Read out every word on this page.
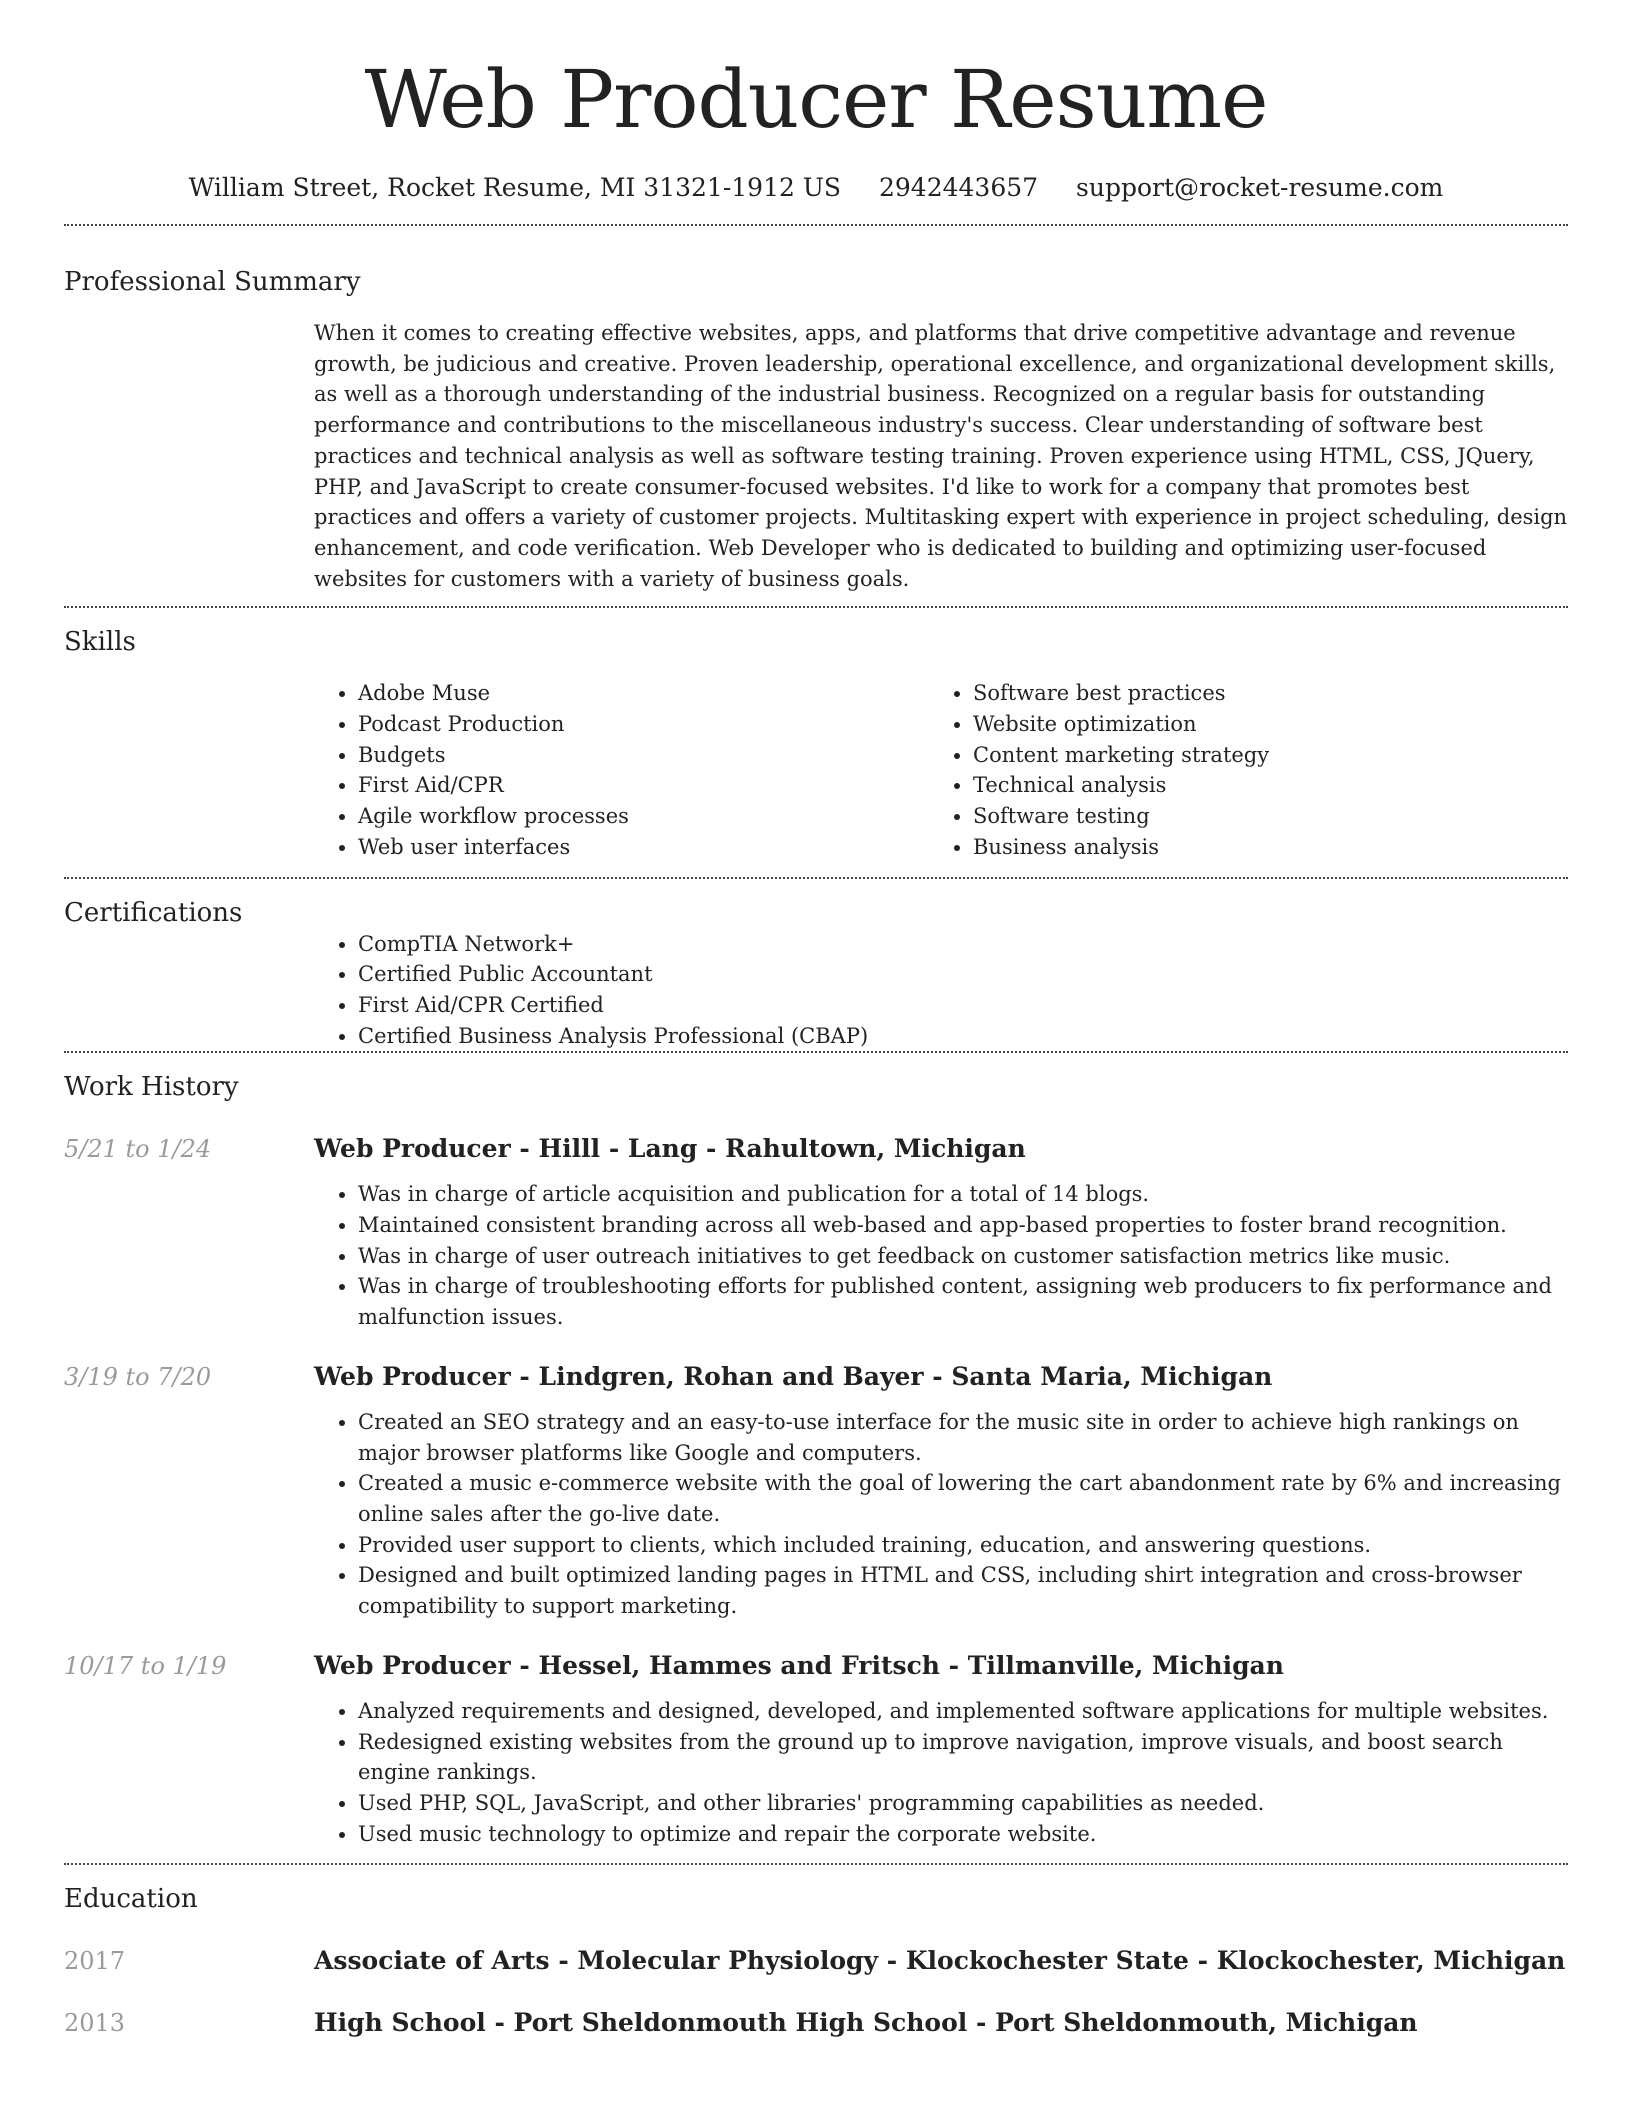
Web Producer Resume
William Street, Rocket Resume, MI 31321-1912 US 2942443657 support@rocket-resume.com
Professional Summary

When it comes to creating effective websites, apps, and platforms that drive competitive advantage and revenue growth, be judicious and creative. Proven leadership, operational excellence, and organizational development skills, as well as a thorough understanding of the industrial business. Recognized on a regular basis for outstanding performance and contributions to the miscellaneous industry's success. Clear understanding of software best practices and technical analysis as well as software testing training. Proven experience using HTML, CSS, JQuery, PHP, and JavaScript to create consumer-focused websites. I'd like to work for a company that promotes best practices and offers a variety of customer projects. Multitasking expert with experience in project scheduling, design enhancement, and code verification. Web Developer who is dedicated to building and optimizing user-focused websites for customers with a variety of business goals.

Skills
• Adobe Muse
• Podcast Production
• Budgets
• First Aid/CPR
• Agile workflow processes
• Web user interfaces
• Software best practices
• Website optimization
• Content marketing strategy
• Technical analysis
• Software testing
• Business analysis
Certifications
• CompTIA Network+
• Certified Public Accountant
• First Aid/CPR Certified
• Certified Business Analysis Professional (CBAP)
Work History
5/21 to 1/24	Web Producer - Hilll - Lang - Rahultown, Michigan
• Was in charge of article acquisition and publication for a total of 14 blogs.
• Maintained consistent branding across all web-based and app-based properties to foster brand recognition.
• Was in charge of user outreach initiatives to get feedback on customer satisfaction metrics like music.
• Was in charge of troubleshooting efforts for published content, assigning web producers to fix performance and malfunction issues.
3/19 to 7/20	Web Producer - Lindgren, Rohan and Bayer - Santa Maria, Michigan
• Created an SEO strategy and an easy-to-use interface for the music site in order to achieve high rankings on major browser platforms like Google and computers.
• Created a music e-commerce website with the goal of lowering the cart abandonment rate by 6% and increasing online sales after the go-live date.
• Provided user support to clients, which included training, education, and answering questions.
• Designed and built optimized landing pages in HTML and CSS, including shirt integration and cross-browser compatibility to support marketing.
10/17 to 1/19	Web Producer - Hessel, Hammes and Fritsch - Tillmanville, Michigan
• Analyzed requirements and designed, developed, and implemented software applications for multiple websites.
• Redesigned existing websites from the ground up to improve navigation, improve visuals, and boost search engine rankings.
• Used PHP, SQL, JavaScript, and other libraries' programming capabilities as needed.
• Used music technology to optimize and repair the corporate website.
Education
2017	Associate of Arts - Molecular Physiology - Klockochester State - Klockochester, Michigan
2013	High School - Port Sheldonmouth High School - Port Sheldonmouth, Michigan
